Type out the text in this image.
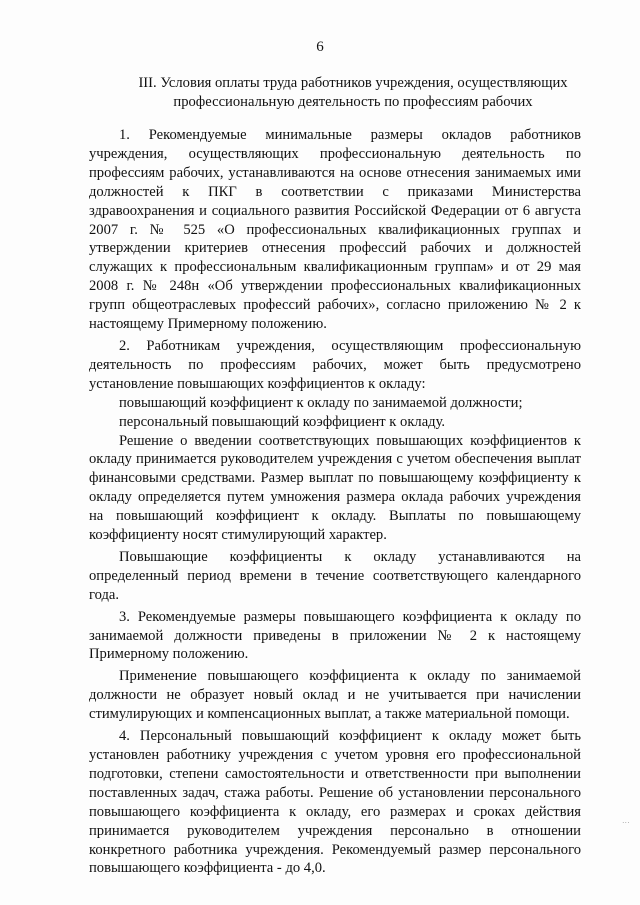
6
III. Условия оплаты труда работников учреждения, осуществляющих
профессиональную деятельность по профессиям рабочих

1. Рекомендуемые минимальные размеры окладов работников учреждения, осуществляющих профессиональную деятельность по профессиям рабочих, устанавливаются на основе отнесения занимаемых ими должностей к ПКГ в соответствии с приказами Министерства здравоохранения и социального развития Российской Федерации от 6 августа 2007 г. № 525 «О профессиональных квалификационных группах и утверждении критериев отнесения профессий рабочих и должностей служащих к профессиональным квалификационным группам» и от 29 мая 2008 г. № 248н «Об утверждении профессиональных квалификационных групп общеотраслевых профессий рабочих», согласно приложению № 2 к настоящему Примерному положению.

2. Работникам учреждения, осуществляющим профессиональную деятельность по профессиям рабочих, может быть предусмотрено установление повышающих коэффициентов к окладу:

повышающий коэффициент к окладу по занимаемой должности;

персональный повышающий коэффициент к окладу.

Решение о введении соответствующих повышающих коэффициентов к окладу принимается руководителем учреждения с учетом обеспечения выплат финансовыми средствами. Размер выплат по повышающему коэффициенту к окладу определяется путем умножения размера оклада рабочих учреждения на повышающий коэффициент к окладу. Выплаты по повышающему коэффициенту носят стимулирующий характер.

Повышающие коэффициенты к окладу устанавливаются на определенный период времени в течение соответствующего календарного года.

3. Рекомендуемые размеры повышающего коэффициента к окладу по занимаемой должности приведены в приложении № 2 к настоящему Примерному положению.

Применение повышающего коэффициента к окладу по занимаемой должности не образует новый оклад и не учитывается при начислении стимулирующих и компенсационных выплат, а также материальной помощи.

4. Персональный повышающий коэффициент к окладу может быть установлен работнику учреждения с учетом уровня его профессиональной подготовки, степени самостоятельности и ответственности при выполнении поставленных задач, стажа работы. Решение об установлении персонального повышающего коэффициента к окладу, его размерах и сроках действия принимается руководителем учреждения персонально в отношении конкретного работника учреждения. Рекомендуемый размер персонального повышающего коэффициента - до 4,0.

...
